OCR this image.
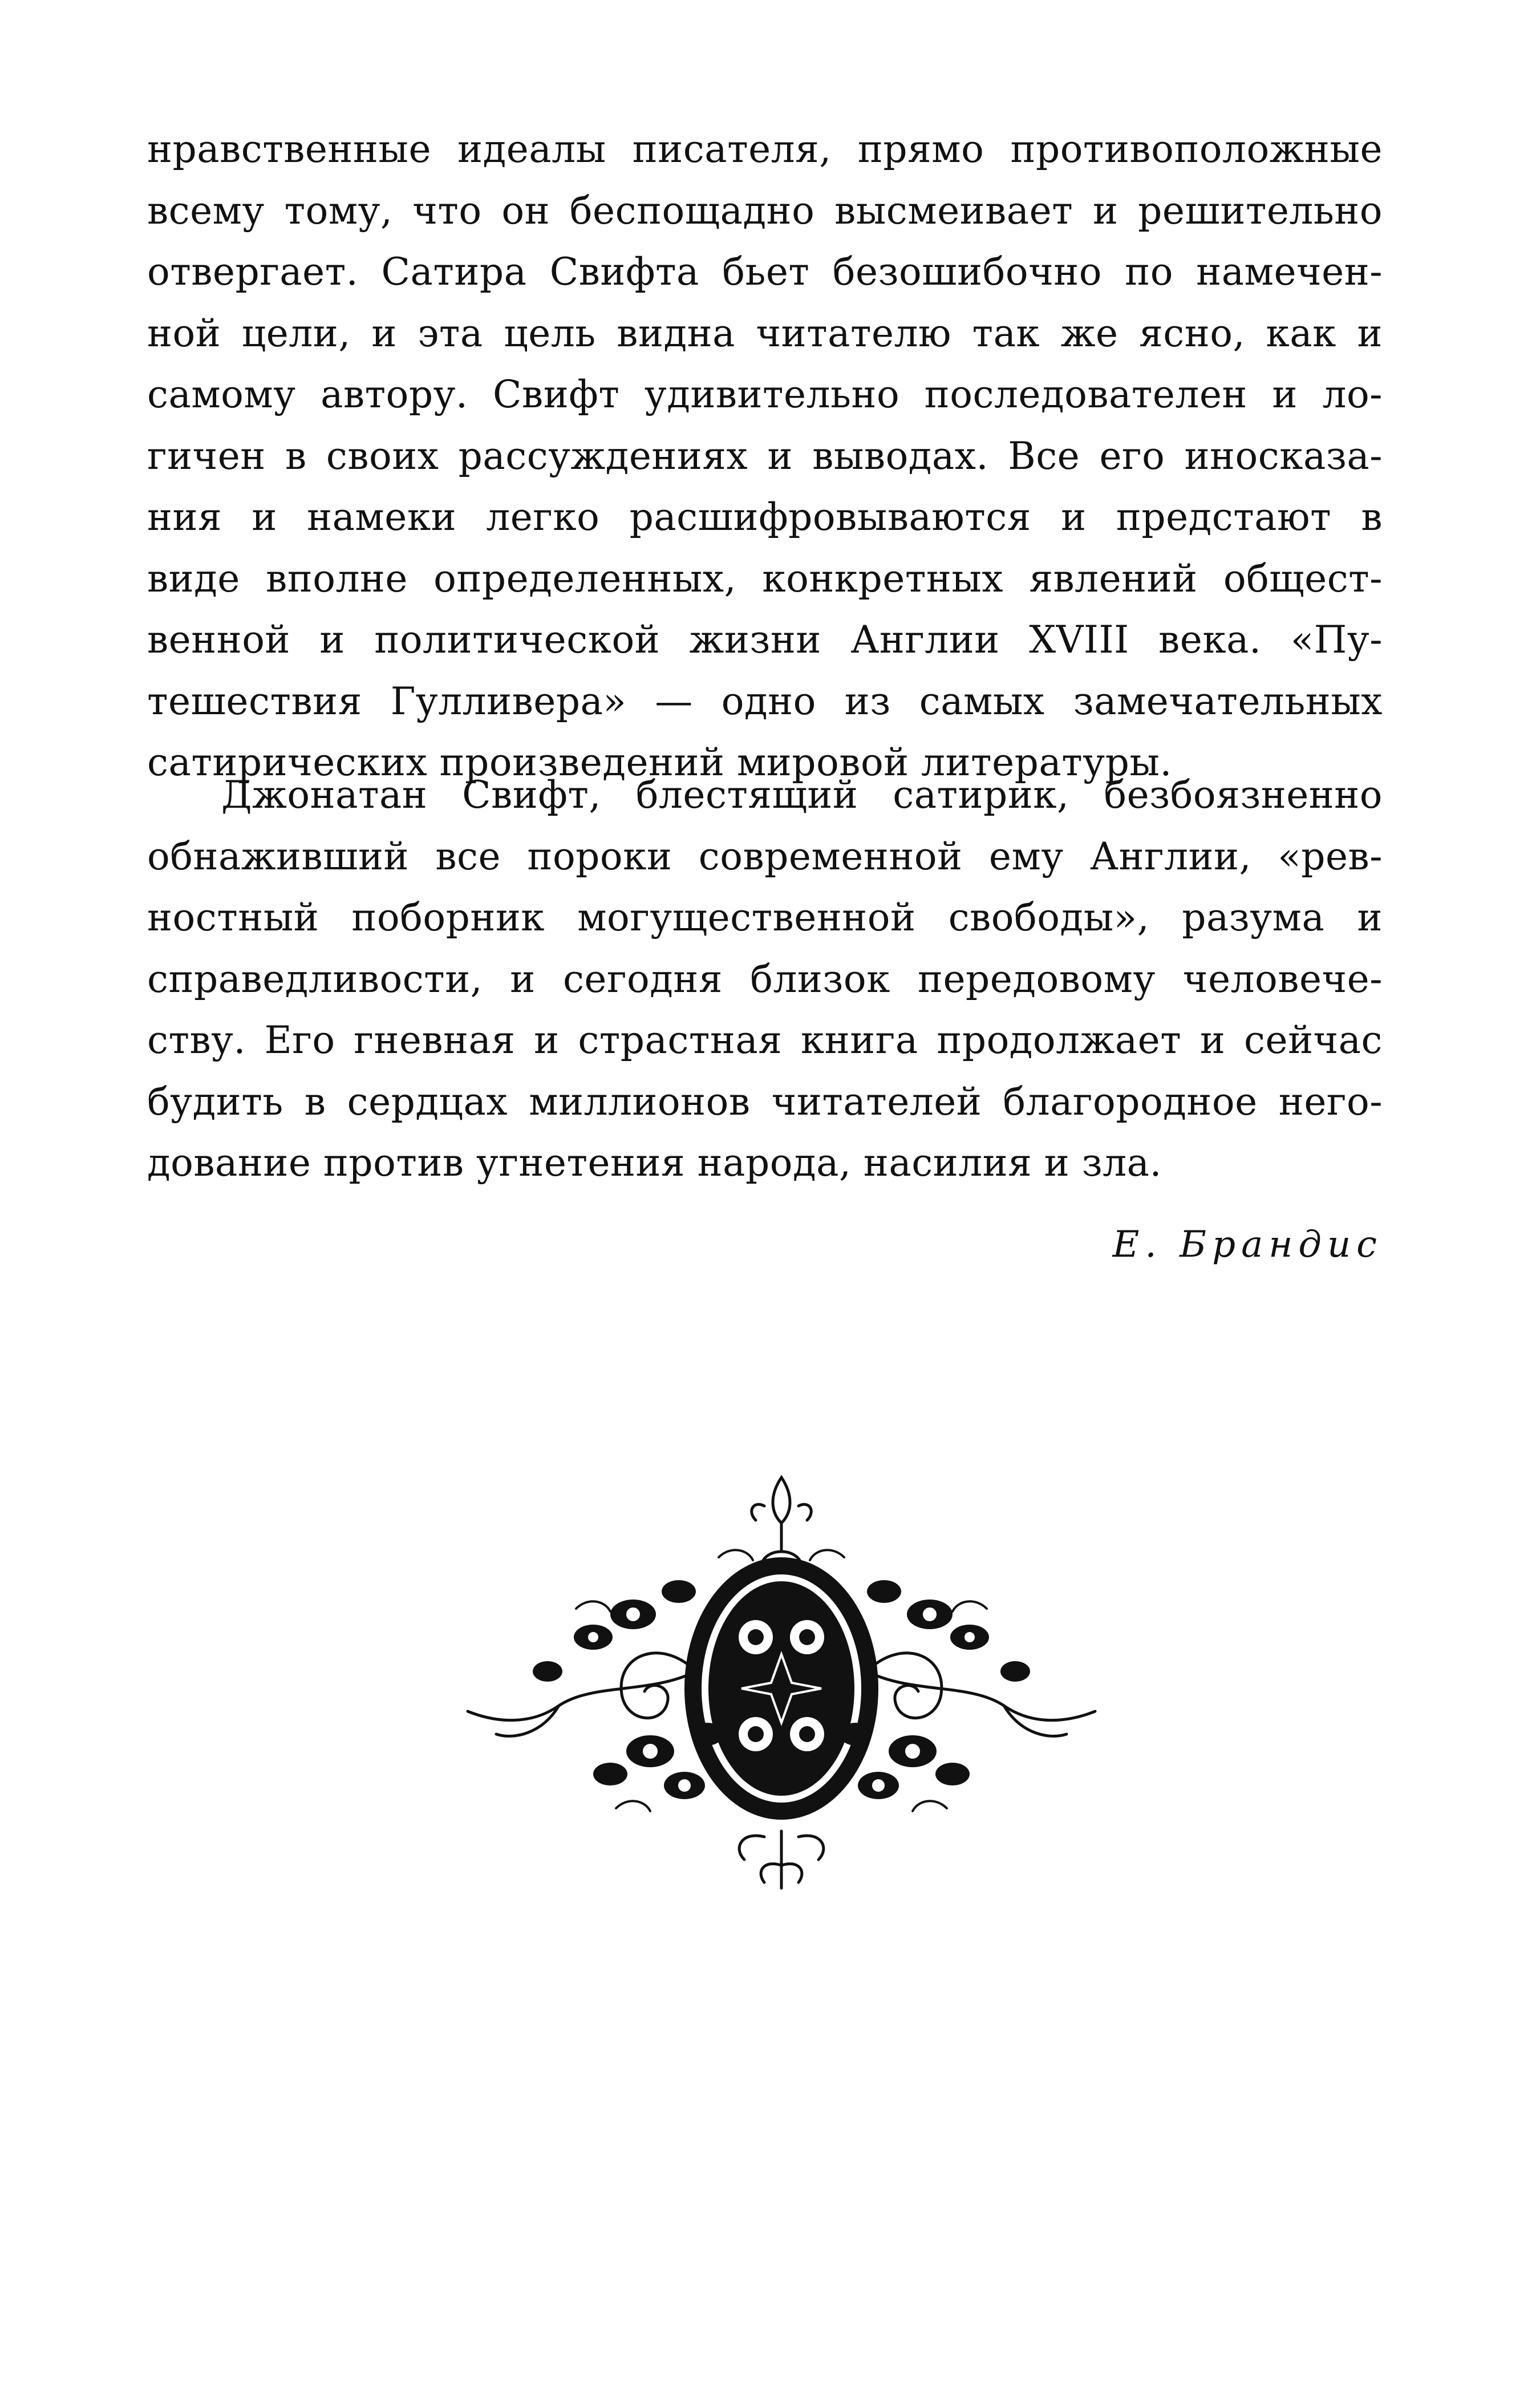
нравственные идеалы писателя, прямо противоположные
всему тому, что он беспощадно высмеивает и решительно
отвергает. Сатира Свифта бьет безошибочно по намечен-
ной цели, и эта цель видна читателю так же ясно, как и
самому автору. Свифт удивительно последователен и ло-
гичен в своих рассуждениях и выводах. Все его иносказа-
ния и намеки легко расшифровываются и предстают в
виде вполне определенных, конкретных явлений общест-
венной и политической жизни Англии XVIII века. «Пу-
тешествия Гулливера» — одно из самых замечательных
сатирических произведений мировой литературы.
Джонатан Свифт, блестящий сатирик, безбоязненно
обнаживший все пороки современной ему Англии, «рев-
ностный поборник могущественной свободы», разума и
справедливости, и сегодня близок передовому человече-
ству. Его гневная и страстная книга продолжает и сейчас
будить в сердцах миллионов читателей благородное него-
дование против угнетения народа, насилия и зла.
Е. Брандис
